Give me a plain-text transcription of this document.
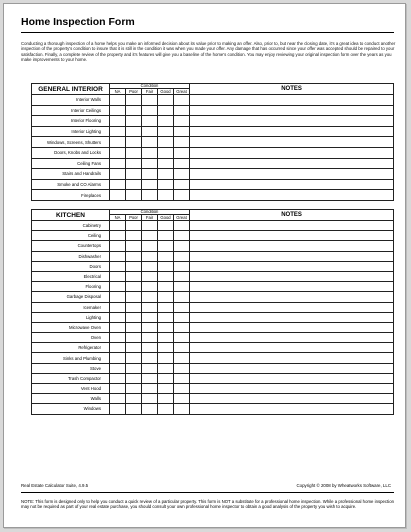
Home Inspection Form
Conducting a thorough inspection of a home helps you make an informed decision about its value prior to making an offer. Also, prior to, but near the closing date, it's a great idea to conduct another inspection of the property's condition to insure that it is still in the condition it was when you made your offer. Any damage that has occurred since your offer was accepted should be repaired to your satisfaction. Finally, a complete review of the property and it's features will give you a baseline of the home's condition. You may enjoy reviewing your original inspection form over the years as you make improvements to your home.
GENERAL INTERIOR	Condition					NOTES
	NA	Poor	Fair	Good	Great	
Interior Walls						
Interior Ceilings						
Interior Flooring						
Interior Lighting						
Windows, Screens, Shutters						
Doors, Knobs and Locks						
Ceiling Fans						
Stairs and Handrails						
Smoke and CO Alarms						
Fireplaces						
KITCHEN	Condition					NOTES
	NA	Poor	Fair	Good	Great	
Cabinetry						
Ceiling						
Countertops						
Dishwasher						
Doors						
Electrical						
Flooring						
Garbage Disposal						
Icemaker						
Lighting						
Microwave Oven						
Oven						
Refrigerator						
Sinks and Plumbing						
Stove						
Trash Compactor						
Vent Hood						
Walls						
Windows						
Real Estate Calculator Suite, 4.9.5	Copyright © 2008 by Wheatworks Software, LLC
NOTE: This form is designed only to help you conduct a quick review of a particular property. This form is NOT a substitute for a professional home inspection. While a professional home inspection may not be required as part of your real estate purchase, you should consult your own professional home inspector to obtain a good analysis of the property you wish to acquire.
